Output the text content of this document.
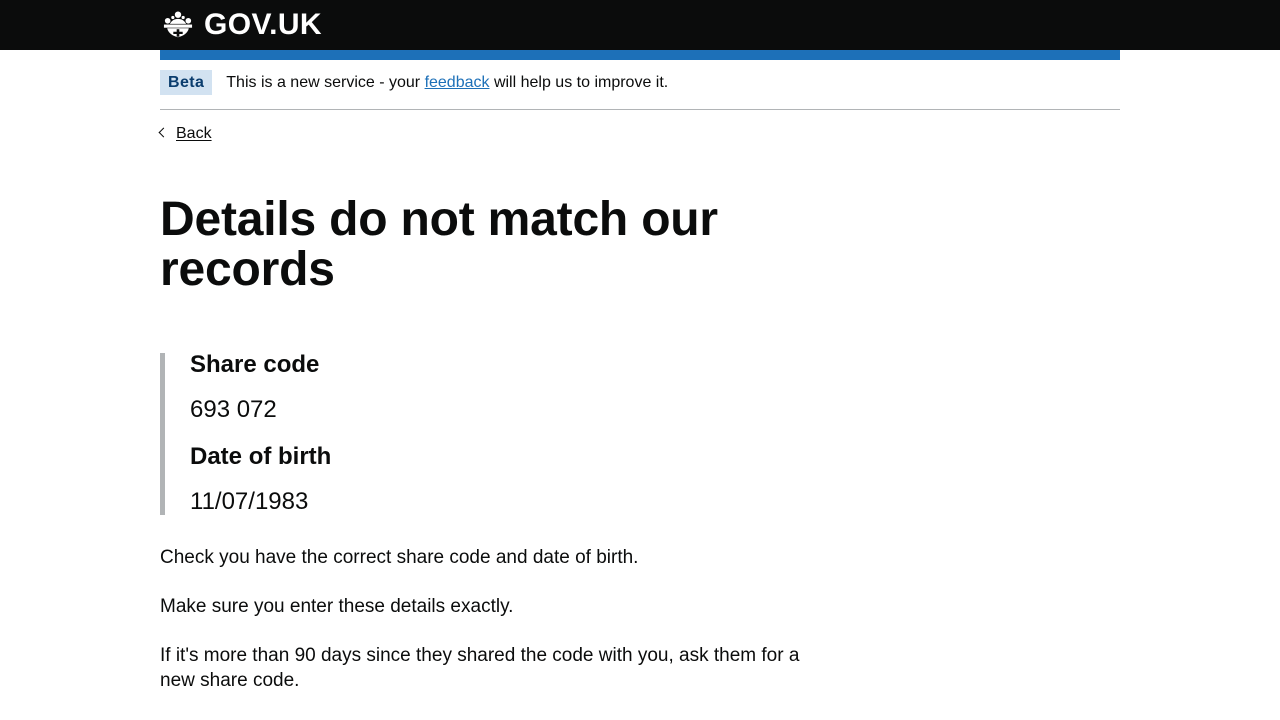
GOV.UK
Beta	This is a new service - your feedback will help us to improve it.
Back
Details do not match our records
Share code

693 072

Date of birth

11/07/1983

Check you have the correct share code and date of birth.

Make sure you enter these details exactly.

If it's more than 90 days since they shared the code with you, ask them for a new share code.
